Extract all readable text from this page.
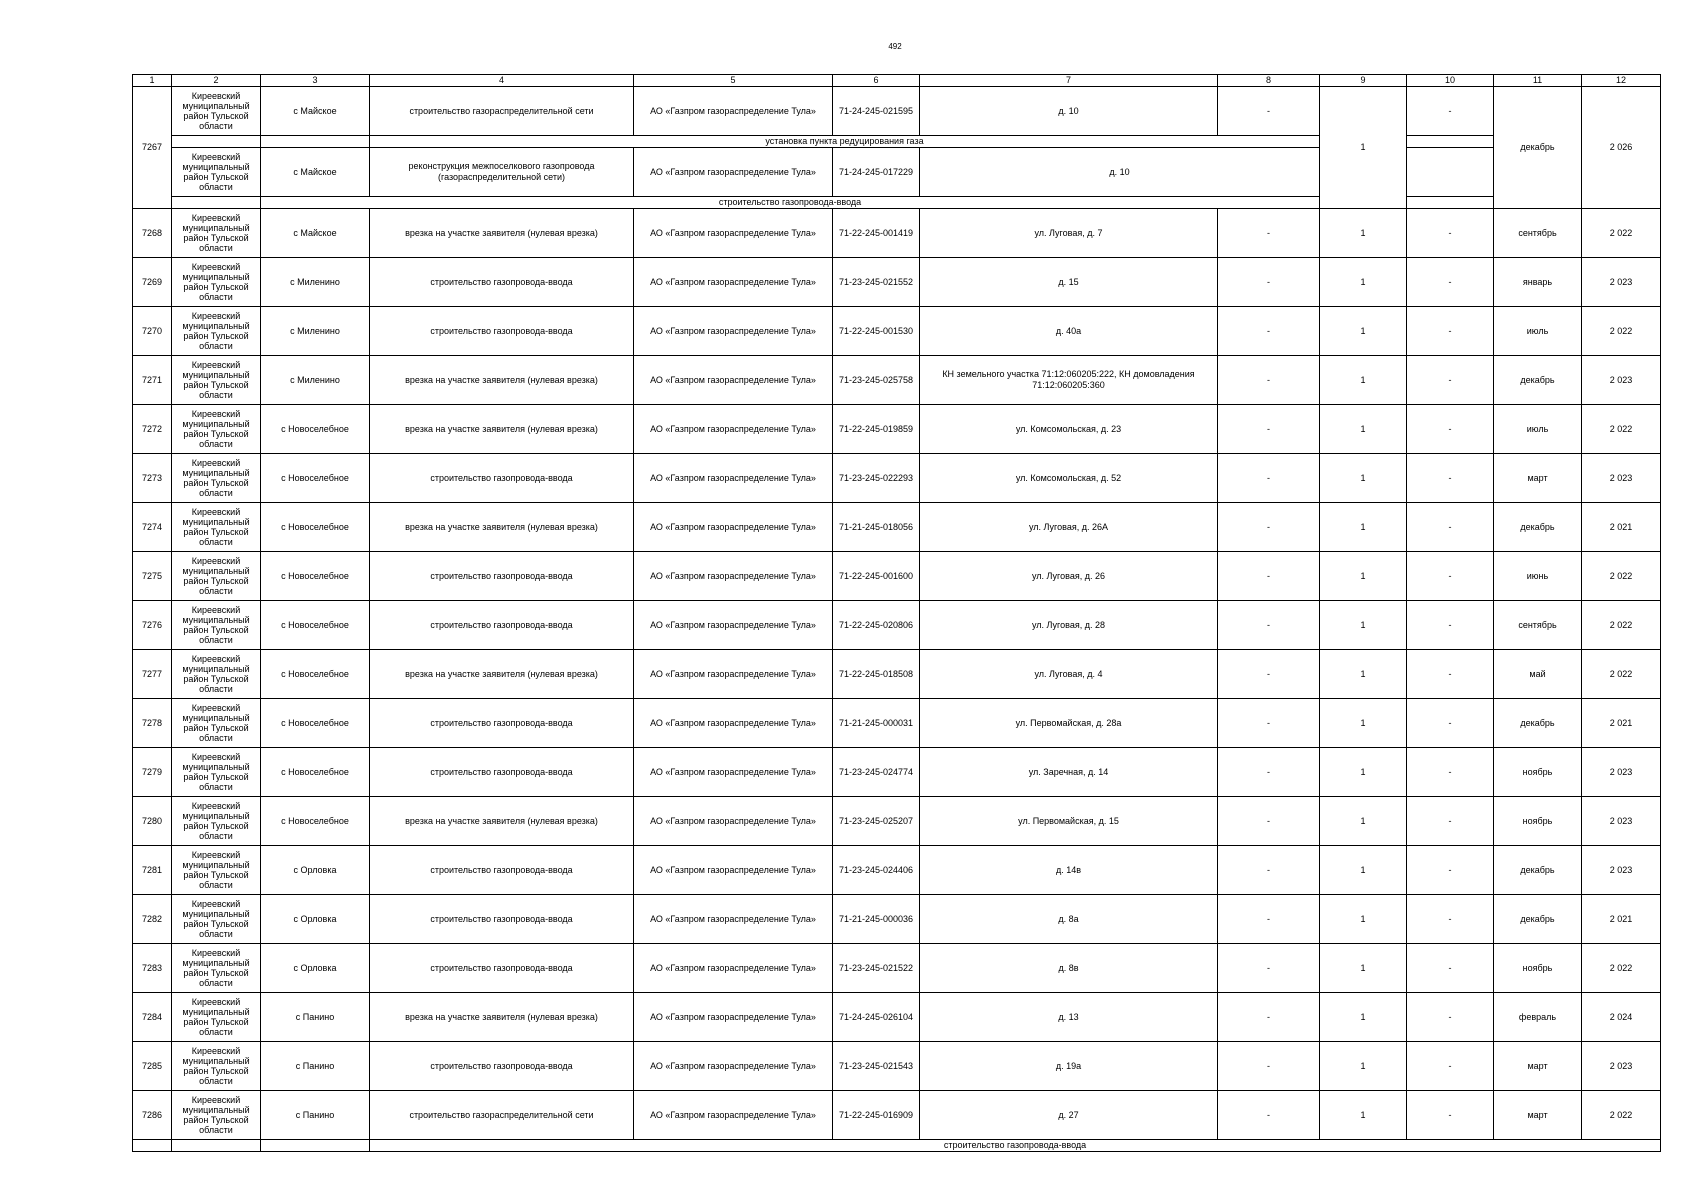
492
1	2	3	4	5	6	7	8	9	10	11	12
7267	Киреевский муниципальный район Тульской области	с Майское	строительство газораспределительной сети	АО «Газпром газораспределение Тула»	71-24-245-021595	д. 10	-	1	-	декабрь	2 026
			установка пункта редуцирования газа								
	Киреевский муниципальный район Тульской области	с Майское	реконструкция межпоселкового газопровода (газораспределительной сети)	АО «Газпром газораспределение Тула»	71-24-245-017229	д. 10					
		строительство газопровода-ввода									
7268	Киреевский муниципальный район Тульской области	с Майское	врезка на участке заявителя (нулевая врезка)	АО «Газпром газораспределение Тула»	71-22-245-001419	ул. Луговая, д. 7	-	1	-	сентябрь	2 022
7269	Киреевский муниципальный район Тульской области	с Миленино	строительство газопровода-ввода	АО «Газпром газораспределение Тула»	71-23-245-021552	д. 15	-	1	-	январь	2 023
7270	Киреевский муниципальный район Тульской области	с Миленино	строительство газопровода-ввода	АО «Газпром газораспределение Тула»	71-22-245-001530	д. 40а	-	1	-	июль	2 022
7271	Киреевский муниципальный район Тульской области	с Миленино	врезка на участке заявителя (нулевая врезка)	АО «Газпром газораспределение Тула»	71-23-245-025758	КН земельного участка 71:12:060205:222, КН домовладения 71:12:060205:360	-	1	-	декабрь	2 023
7272	Киреевский муниципальный район Тульской области	с Новоселебное	врезка на участке заявителя (нулевая врезка)	АО «Газпром газораспределение Тула»	71-22-245-019859	ул. Комсомольская, д. 23	-	1	-	июль	2 022
7273	Киреевский муниципальный район Тульской области	с Новоселебное	строительство газопровода-ввода	АО «Газпром газораспределение Тула»	71-23-245-022293	ул. Комсомольская, д. 52	-	1	-	март	2 023
7274	Киреевский муниципальный район Тульской области	с Новоселебное	врезка на участке заявителя (нулевая врезка)	АО «Газпром газораспределение Тула»	71-21-245-018056	ул. Луговая, д. 26А	-	1	-	декабрь	2 021
7275	Киреевский муниципальный район Тульской области	с Новоселебное	строительство газопровода-ввода	АО «Газпром газораспределение Тула»	71-22-245-001600	ул. Луговая, д. 26	-	1	-	июнь	2 022
7276	Киреевский муниципальный район Тульской области	с Новоселебное	строительство газопровода-ввода	АО «Газпром газораспределение Тула»	71-22-245-020806	ул. Луговая, д. 28	-	1	-	сентябрь	2 022
7277	Киреевский муниципальный район Тульской области	с Новоселебное	врезка на участке заявителя (нулевая врезка)	АО «Газпром газораспределение Тула»	71-22-245-018508	ул. Луговая, д. 4	-	1	-	май	2 022
7278	Киреевский муниципальный район Тульской области	с Новоселебное	строительство газопровода-ввода	АО «Газпром газораспределение Тула»	71-21-245-000031	ул. Первомайская, д. 28а	-	1	-	декабрь	2 021
7279	Киреевский муниципальный район Тульской области	с Новоселебное	строительство газопровода-ввода	АО «Газпром газораспределение Тула»	71-23-245-024774	ул. Заречная, д. 14	-	1	-	ноябрь	2 023
7280	Киреевский муниципальный район Тульской области	с Новоселебное	врезка на участке заявителя (нулевая врезка)	АО «Газпром газораспределение Тула»	71-23-245-025207	ул. Первомайская, д. 15	-	1	-	ноябрь	2 023
7281	Киреевский муниципальный район Тульской области	с Орловка	строительство газопровода-ввода	АО «Газпром газораспределение Тула»	71-23-245-024406	д. 14в	-	1	-	декабрь	2 023
7282	Киреевский муниципальный район Тульской области	с Орловка	строительство газопровода-ввода	АО «Газпром газораспределение Тула»	71-21-245-000036	д. 8а	-	1	-	декабрь	2 021
7283	Киреевский муниципальный район Тульской области	с Орловка	строительство газопровода-ввода	АО «Газпром газораспределение Тула»	71-23-245-021522	д. 8в	-	1	-	ноябрь	2 022
7284	Киреевский муниципальный район Тульской области	с Панино	врезка на участке заявителя (нулевая врезка)	АО «Газпром газораспределение Тула»	71-24-245-026104	д. 13	-	1	-	февраль	2 024
7285	Киреевский муниципальный район Тульской области	с Панино	строительство газопровода-ввода	АО «Газпром газораспределение Тула»	71-23-245-021543	д. 19а	-	1	-	март	2 023
7286	Киреевский муниципальный район Тульской области	с Панино	строительство газораспределительной сети	АО «Газпром газораспределение Тула»	71-22-245-016909	д. 27	-	1	-	март	2 022
			строительство газопровода-ввода								
